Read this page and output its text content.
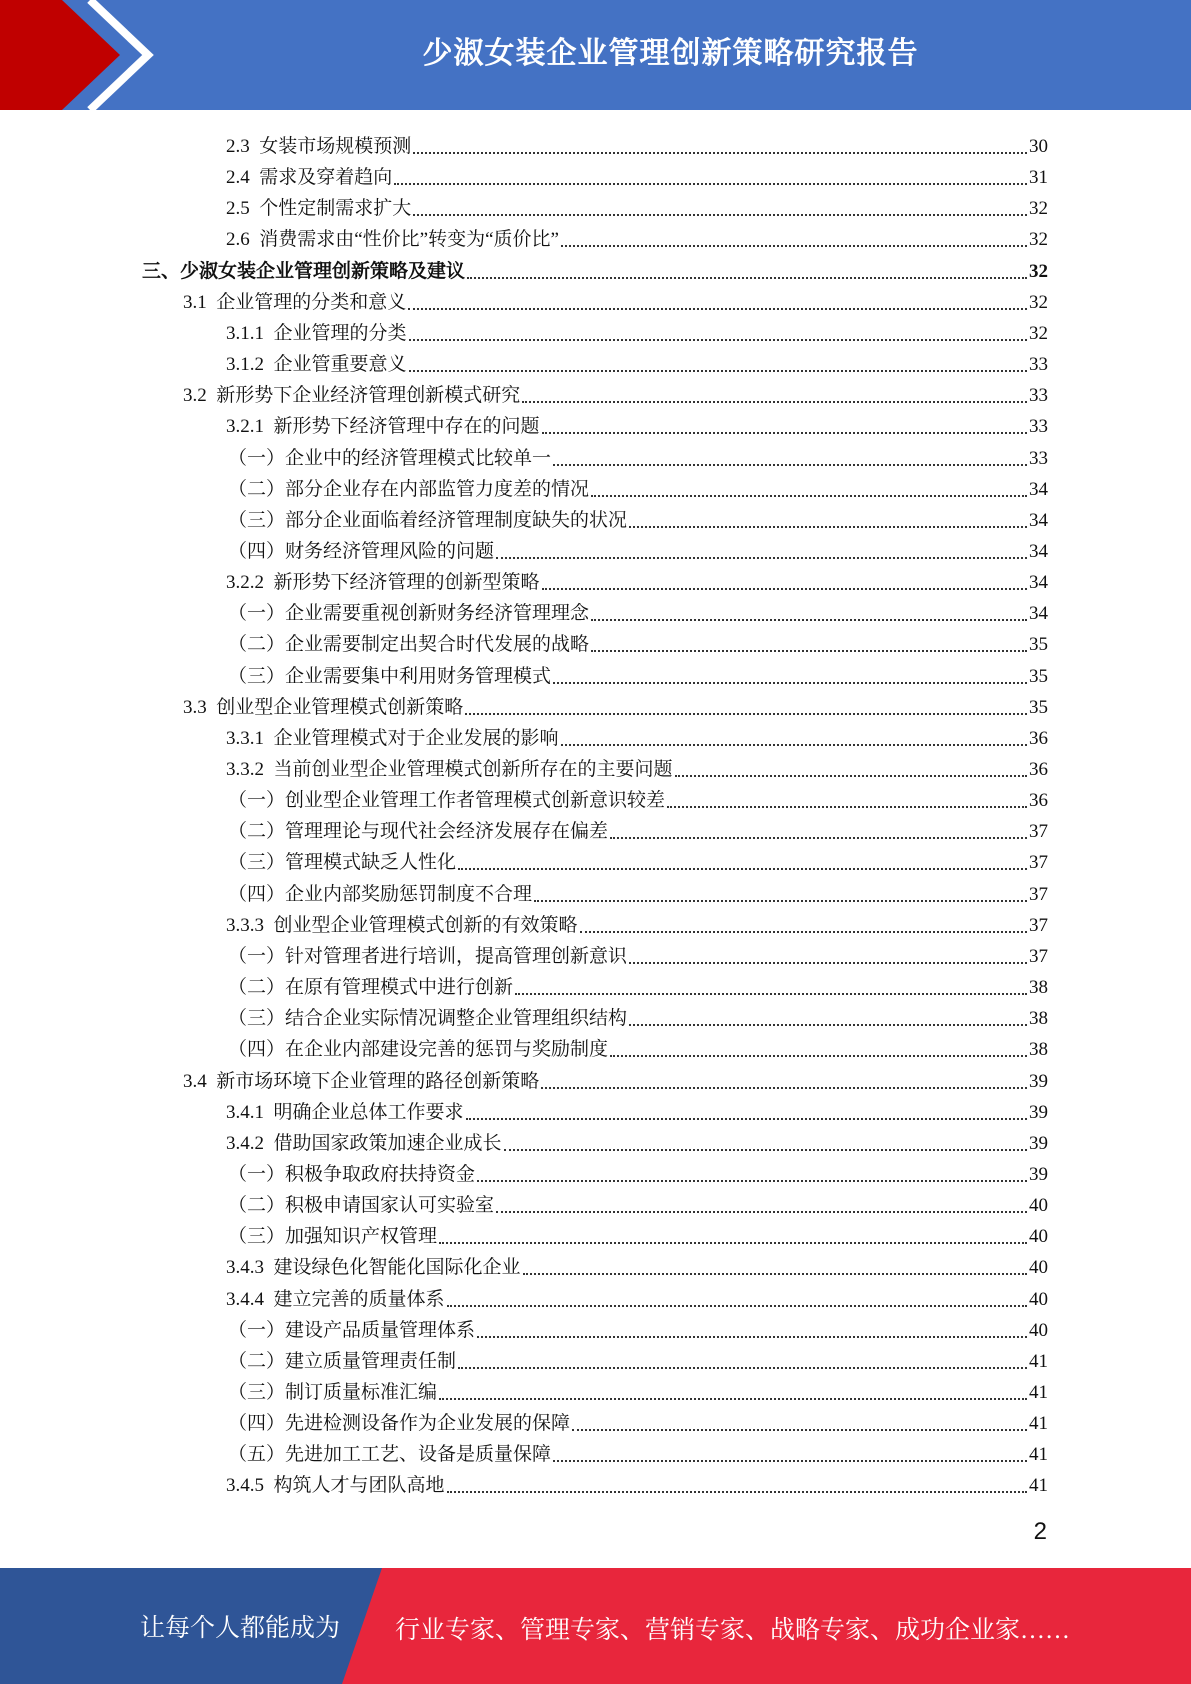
少淑女装企业管理创新策略研究报告
2.3  女装市场规模预测	30
2.4  需求及穿着趋向	31
2.5  个性定制需求扩大	32
2.6  消费需求由“性价比”转变为“质价比”	32
三、少淑女装企业管理创新策略及建议	32
3.1  企业管理的分类和意义	32
3.1.1  企业管理的分类	32
3.1.2  企业管重要意义	33
3.2  新形势下企业经济管理创新模式研究	33
3.2.1  新形势下经济管理中存在的问题	33
（一）企业中的经济管理模式比较单一	33
（二）部分企业存在内部监管力度差的情况	34
（三）部分企业面临着经济管理制度缺失的状况	34
（四）财务经济管理风险的问题	34
3.2.2  新形势下经济管理的创新型策略	34
（一）企业需要重视创新财务经济管理理念	34
（二）企业需要制定出契合时代发展的战略	35
（三）企业需要集中利用财务管理模式	35
3.3  创业型企业管理模式创新策略	35
3.3.1  企业管理模式对于企业发展的影响	36
3.3.2  当前创业型企业管理模式创新所存在的主要问题	36
（一）创业型企业管理工作者管理模式创新意识较差	36
（二）管理理论与现代社会经济发展存在偏差	37
（三）管理模式缺乏人性化	37
（四）企业内部奖励惩罚制度不合理	37
3.3.3  创业型企业管理模式创新的有效策略	37
（一）针对管理者进行培训，提高管理创新意识	37
（二）在原有管理模式中进行创新	38
（三）结合企业实际情况调整企业管理组织结构	38
（四）在企业内部建设完善的惩罚与奖励制度	38
3.4  新市场环境下企业管理的路径创新策略	39
3.4.1  明确企业总体工作要求	39
3.4.2  借助国家政策加速企业成长	39
（一）积极争取政府扶持资金	39
（二）积极申请国家认可实验室	40
（三）加强知识产权管理	40
3.4.3  建设绿色化智能化国际化企业	40
3.4.4  建立完善的质量体系	40
（一）建设产品质量管理体系	40
（二）建立质量管理责任制	41
（三）制订质量标准汇编	41
（四）先进检测设备作为企业发展的保障	41
（五）先进加工工艺、设备是质量保障	41
3.4.5  构筑人才与团队高地	41
2
让每个人都能成为 行业专家、管理专家、营销专家、战略专家、成功企业家……
